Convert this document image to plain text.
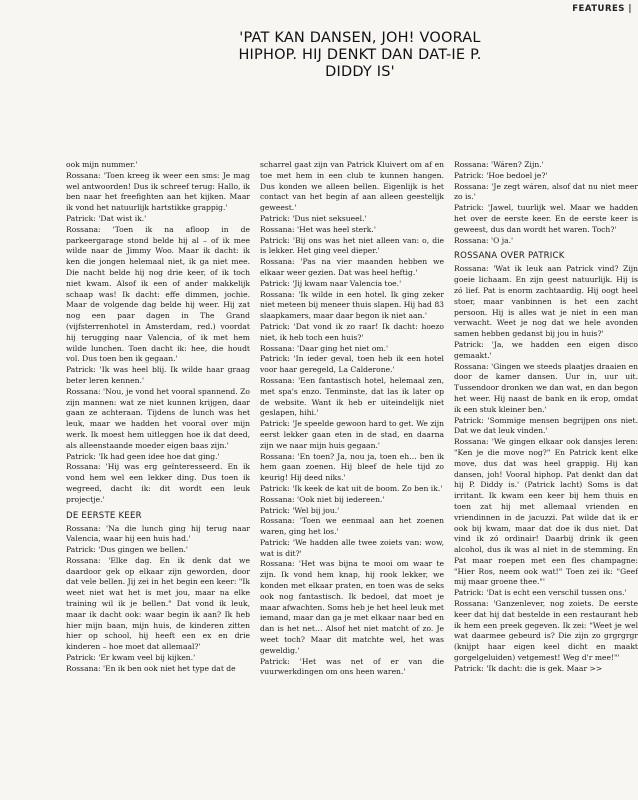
FEATURES |
'PAT KAN DANSEN, JOH! VOORAL HIPHOP. HIJ DENKT DAN DAT-IE P. DIDDY IS'

ook mijn nummer.'

Rossana: 'Toen kreeg ik weer een sms: Je mag wel antwoorden! Dus ik schreef terug: Hallo, ik ben naar het freefighten aan het kijken. Maar ik vond het natuurlijk hartstikke grappig.'

Patrick: 'Dat wist ik.'

Rossana: 'Toen ik na afloop in de parkeergarage stond belde hij al – of ik mee wilde naar de Jimmy Woo. Maar ik dacht: ik ken die jongen helemaal niet, ik ga niet mee. Die nacht belde hij nog drie keer, of ik toch niet kwam. Alsof ik een of ander makkelijk schaap was! Ik dacht: effe dimmen, jochie. Maar de volgende dag belde hij weer. Hij zat nog een paar dagen in The Grand (vijfsterrenhotel in Amsterdam, red.) voordat hij terugging naar Valencia, of ik met hem wilde lunchen. Toen dacht ik: hee, die houdt vol. Dus toen ben ik gegaan.'

Patrick: 'Ik was heel blij. Ik wilde haar graag beter leren kennen.'

Rossana: 'Nou, je vond het vooral spannend. Zo zijn mannen: wat ze niet kunnen krijgen, daar gaan ze achteraan. Tijdens de lunch was het leuk, maar we hadden het vooral over mijn werk. Ik moest hem uitleggen hoe ik dat deed, als alleenstaande moeder eigen baas zijn.'

Patrick: 'Ik had geen idee hoe dat ging.'

Rossana: 'Hij was erg geïnteresseerd. En ik vond hem wel een lekker ding. Dus toen ik wegreed, dacht ik: dit wordt een leuk projectje.'

DE EERSTE KEER

Rossana: 'Na die lunch ging hij terug naar Valencia, waar hij een huis had.'

Patrick: 'Dus gingen we bellen.'

Rossana: 'Elke dag. En ik denk dat we daardoor gek op elkaar zijn geworden, door dat vele bellen. Jij zei in het begin een keer: "Ik weet niet wat het is met jou, maar na elke training wil ik je bellen." Dat vond ik leuk, maar ik dacht ook: waar begin ik aan? Ik heb hier mijn baan, mijn huis, de kinderen zitten hier op school, hij heeft een ex en drie kinderen – hoe moet dat allemaal?'

Patrick: 'Er kwam veel bij kijken.'

Rossana: 'En ik ben ook niet het type dat de

scharrel gaat zijn van Patrick Kluivert om af en toe met hem in een club te kunnen hangen. Dus konden we alleen bellen. Eigenlijk is het contact van het begin af aan alleen geestelijk geweest.'

Patrick: 'Dus niet seksueel.'

Rossana: 'Het was heel sterk.'

Patrick: 'Bij ons was het niet alleen van: o, die is lekker. Het ging veel dieper.'

Rossana: 'Pas na vier maanden hebben we elkaar weer gezien. Dat was heel heftig.'

Patrick: 'Jij kwam naar Valencia toe.'

Rossana: 'Ik wilde in een hotel. Ik ging zeker niet meteen bij meneer thuis slapen. Hij had 83 slaapkamers, maar daar begon ik niet aan.'

Patrick: 'Dat vond ik zo raar! Ik dacht: hoezo niet, ik heb toch een huis?'

Rossana: 'Daar ging het niet om.'

Patrick: 'In ieder geval, toen heb ik een hotel voor haar geregeld, La Calderone.'

Rossana: 'Een fantastisch hotel, helemaal zen, met spa's enzo. Tenminste, dat las ik later op de website. Want ik heb er uiteindelijk niet geslapen, hihi.'

Patrick: 'Je speelde gewoon hard to get. We zijn eerst lekker gaan eten in de stad, en daarna zijn we naar mijn huis gegaan.'

Rossana: 'En toen? Ja, nou ja, toen eh… ben ik hem gaan zoenen. Hij bleef de hele tijd zo keurig! Hij deed niks.'

Patrick: 'Ik keek de kat uit de boom. Zo ben ik.'

Rossana: 'Ook niet bij iedereen.'

Patrick: 'Wel bij jou.'

Rossana: 'Toen we eenmaal aan het zoenen waren, ging het los.'

Patrick: 'We hadden alle twee zoiets van: wow, wat is dit?'

Rossana: 'Het was bijna te mooi om waar te zijn. Ik vond hem knap, hij rook lekker, we konden met elkaar praten, en toen was de seks ook nog fantastisch. Ik bedoel, dat moet je maar afwachten. Soms heb je het heel leuk met iemand, maar dan ga je met elkaar naar bed en dan is het net… Alsof het niet matcht of zo. Je weet toch? Maar dit matchte wel, het was geweldig.'

Patrick: 'Het was net of er van die vuurwerkdingen om ons heen waren.'

Rossana: 'Wáren? Zijn.'

Patrick: 'Hoe bedoel je?'

Rossana: 'Je zegt wáren, alsof dat nu niet meer zo is.'

Patrick: 'Jawel, tuurlijk wel. Maar we hadden het over de eerste keer. En de eerste keer is geweest, dus dan wordt het waren. Toch?'

Rossana: 'O ja.'

ROSSANA OVER PATRICK

Rossana: 'Wat ik leuk aan Patrick vind? Zijn goeie lichaam. En zijn geest natuurlijk. Hij is zó lief. Pat is enorm zachtaardig. Hij oogt heel stoer, maar vanbinnen is het een zacht persoon. Hij is alles wat je niet in een man verwacht. Weet je nog dat we hele avonden samen hebben gedanst bij jou in huis?'

Patrick: 'Ja, we hadden een eigen disco gemaakt.'

Rossana: 'Gingen we steeds plaatjes draaien en door de kamer dansen. Uur in, uur uit. Tussendoor dronken we dan wat, en dan begon het weer. Hij naast de bank en ik erop, omdat ik een stuk kleiner ben.'

Patrick: 'Sommige mensen begrijpen ons niet. Dat we dat leuk vinden.'

Rossana: 'We gingen elkaar ook dansjes leren: "Ken je die move nog?" En Patrick kent elke move, dus dat was heel grappig. Hij kan dansen, joh! Vooral hiphop. Pat denkt dan dat hij P. Diddy is.' (Patrick lacht) Soms is dat irritant. Ik kwam een keer bij hem thuis en toen zat hij met allemaal vrienden en vriendinnen in de jacuzzi. Pat wilde dat ik er ook bij kwam, maar dat doe ik dus niet. Dat vind ik zó ordinair! Daarbij drink ik geen alcohol, dus ik was al niet in de stemming. En Pat maar roepen met een fles champagne: "Hier Ros, neem ook wat!" Toen zei ik: "Geef mij maar groene thee."'

Patrick: 'Dat is echt een verschil tussen ons.'

Rossana: 'Ganzenlever, nog zoiets. De eerste keer dat hij dat bestelde in een restaurant heb ik hem een preek gegeven. Ik zei: "Weet je wel wat daarmee gebeurd is? Die zijn zo grgrgrgr (knijpt haar eigen keel dicht en maakt gorgelgeluiden) vetgemest! Weg d'r mee!"'

Patrick: 'Ik dacht: die is gek. Maar >>
